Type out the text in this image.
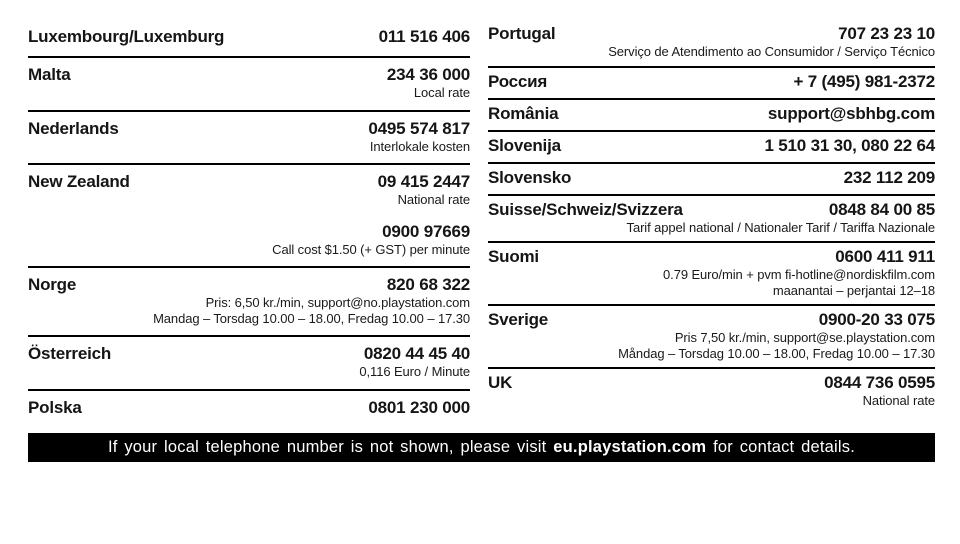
Luxembourg/Luxemburg	011 516 406
Malta	234 36 000
Local rate
Nederlands	0495 574 817
Interlokale kosten
New Zealand	09 415 2447
National rate
0900 97669
Call cost $1.50 (+ GST) per minute
Norge	820 68 322
Pris: 6,50 kr./min, support@no.playstation.com
Mandag – Torsdag 10.00 – 18.00, Fredag 10.00 – 17.30
Österreich	0820 44 45 40
0,116 Euro / Minute
Polska	0801 230 000
Portugal	707 23 23 10
Serviço de Atendimento ao Consumidor / Serviço Técnico
Россия	+ 7 (495) 981-2372
România	support@sbhbg.com
Slovenija	1 510 31 30, 080 22 64
Slovensko	232 112 209
Suisse/Schweiz/Svizzera	0848 84 00 85
Tarif appel national / Nationaler Tarif / Tariffa Nazionale
Suomi	0600 411 911
0.79 Euro/min + pvm fi-hotline@nordiskfilm.com
maanantai – perjantai 12–18
Sverige	0900-20 33 075
Pris 7,50 kr./min, support@se.playstation.com
Måndag – Torsdag 10.00 – 18.00, Fredag 10.00 – 17.30
UK	0844 736 0595
National rate
If your local telephone number is not shown, please visit eu.playstation.com for contact details.
